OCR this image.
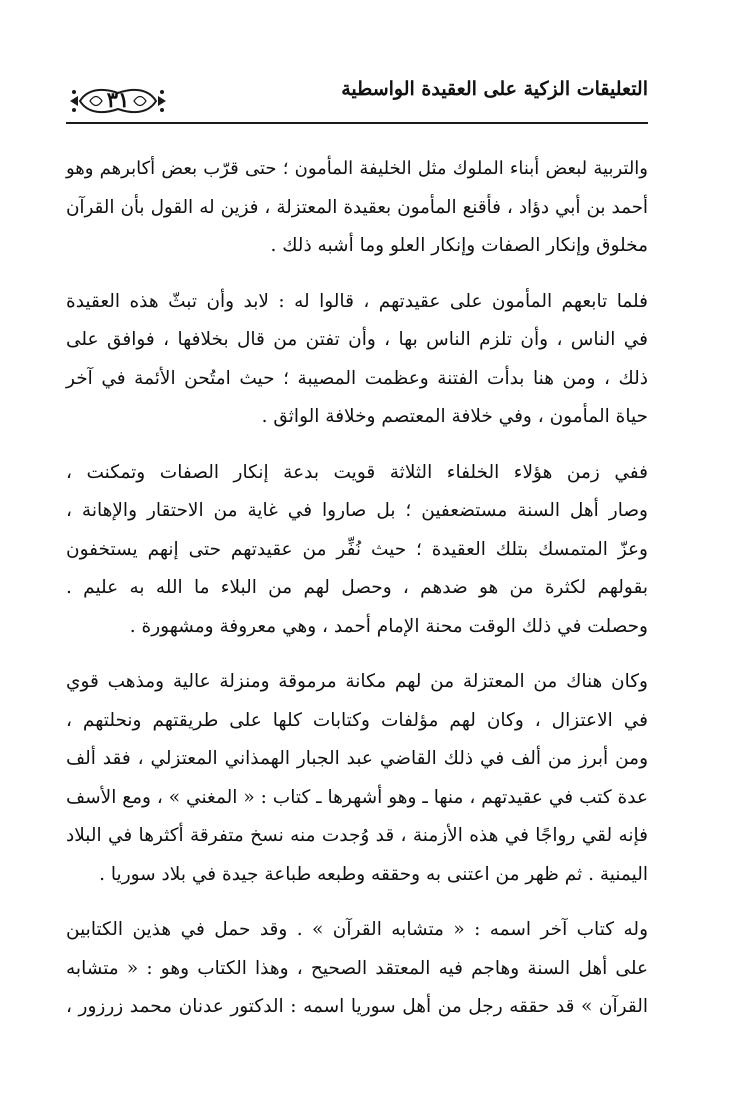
التعليقات الزكية على العقيدة الواسطية
٣١

والتربية لبعض أبناء الملوك مثل الخليفة المأمون ؛ حتى قرّب بعض أكابرهم وهو
أحمد بن أبي دؤاد ، فأقنع المأمون بعقيدة المعتزلة ، فزين له القول بأن القرآن
مخلوق وإنكار الصفات وإنكار العلو وما أشبه ذلك .

فلما تابعهم المأمون على عقيدتهم ، قالوا له : لابد وأن تبثّ هذه العقيدة
في الناس ، وأن تلزم الناس بها ، وأن تفتن من قال بخلافها ، فوافق على
ذلك ، ومن هنا بدأت الفتنة وعظمت المصيبة ؛ حيث امتُحن الأئمة في آخر
حياة المأمون ، وفي خلافة المعتصم وخلافة الواثق .

ففي زمن هؤلاء الخلفاء الثلاثة قويت بدعة إنكار الصفات وتمكنت ،
وصار أهل السنة مستضعفين ؛ بل صاروا في غاية من الاحتقار والإهانة ،
وعزّ المتمسك بتلك العقيدة ؛ حيث نُفِّر من عقيدتهم حتى إنهم يستخفون
بقولهم لكثرة من هو ضدهم ، وحصل لهم من البلاء ما الله به عليم .
وحصلت في ذلك الوقت محنة الإمام أحمد ، وهي معروفة ومشهورة .

وكان هناك من المعتزلة من لهم مكانة مرموقة ومنزلة عالية ومذهب قوي
في الاعتزال ، وكان لهم مؤلفات وكتابات كلها على طريقتهم ونحلتهم ،
ومن أبرز من ألف في ذلك القاضي عبد الجبار الهمذاني المعتزلي ، فقد ألف
عدة كتب في عقيدتهم ، منها ـ وهو أشهرها ـ كتاب : « المغني » ، ومع الأسف
فإنه لقي رواجًا في هذه الأزمنة ، قد وُجدت منه نسخ متفرقة أكثرها في البلاد
اليمنية . ثم ظهر من اعتنى به وحققه وطبعه طباعة جيدة في بلاد سوريا .

وله كتاب آخر اسمه : « متشابه القرآن » . وقد حمل في هذين الكتابين
على أهل السنة وهاجم فيه المعتقد الصحيح ، وهذا الكتاب وهو : « متشابه
القرآن » قد حققه رجل من أهل سوريا اسمه : الدكتور عدنان محمد زرزور ،
